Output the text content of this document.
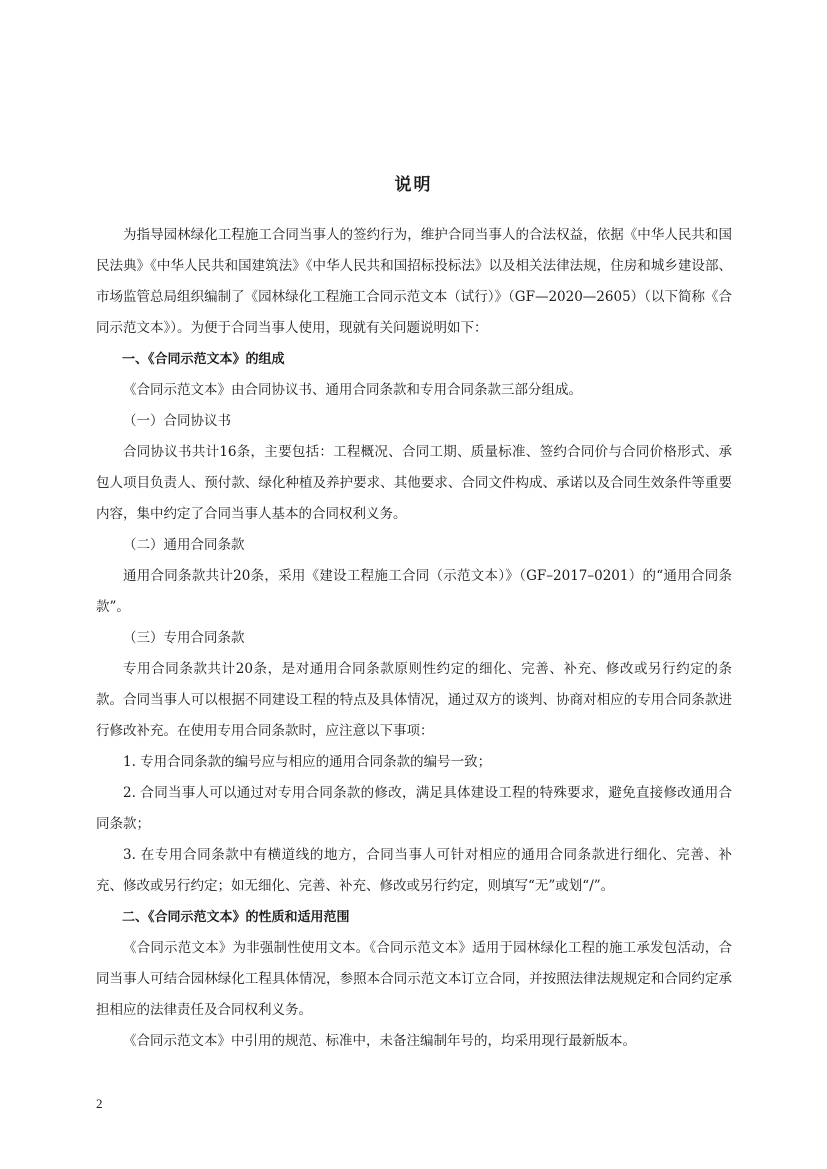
说明

为指导园林绿化工程施工合同当事人的签约行为，维护合同当事人的合法权益，依据《中华人民共和国民法典》《中华人民共和国建筑法》《中华人民共和国招标投标法》以及相关法律法规，住房和城乡建设部、市场监管总局组织编制了《园林绿化工程施工合同示范文本（试行）》（GF—2020—2605）（以下简称《合同示范文本》）。为便于合同当事人使用，现就有关问题说明如下：

一、《合同示范文本》的组成

《合同示范文本》由合同协议书、通用合同条款和专用合同条款三部分组成。

（一）合同协议书

合同协议书共计16条，主要包括：工程概况、合同工期、质量标准、签约合同价与合同价格形式、承包人项目负责人、预付款、绿化种植及养护要求、其他要求、合同文件构成、承诺以及合同生效条件等重要内容，集中约定了合同当事人基本的合同权利义务。

（二）通用合同条款

通用合同条款共计20条，采用《建设工程施工合同（示范文本）》（GF–2017–0201）的“通用合同条款”。

（三）专用合同条款

专用合同条款共计20条，是对通用合同条款原则性约定的细化、完善、补充、修改或另行约定的条款。合同当事人可以根据不同建设工程的特点及具体情况，通过双方的谈判、协商对相应的专用合同条款进行修改补充。在使用专用合同条款时，应注意以下事项：

1. 专用合同条款的编号应与相应的通用合同条款的编号一致；

2. 合同当事人可以通过对专用合同条款的修改，满足具体建设工程的特殊要求，避免直接修改通用合同条款；

3. 在专用合同条款中有横道线的地方，合同当事人可针对相应的通用合同条款进行细化、完善、补充、修改或另行约定；如无细化、完善、补充、修改或另行约定，则填写“无”或划“/”。

二、《合同示范文本》的性质和适用范围

《合同示范文本》为非强制性使用文本。《合同示范文本》适用于园林绿化工程的施工承发包活动，合同当事人可结合园林绿化工程具体情况，参照本合同示范文本订立合同，并按照法律法规规定和合同约定承担相应的法律责任及合同权利义务。

《合同示范文本》中引用的规范、标准中，未备注编制年号的，均采用现行最新版本。

2
